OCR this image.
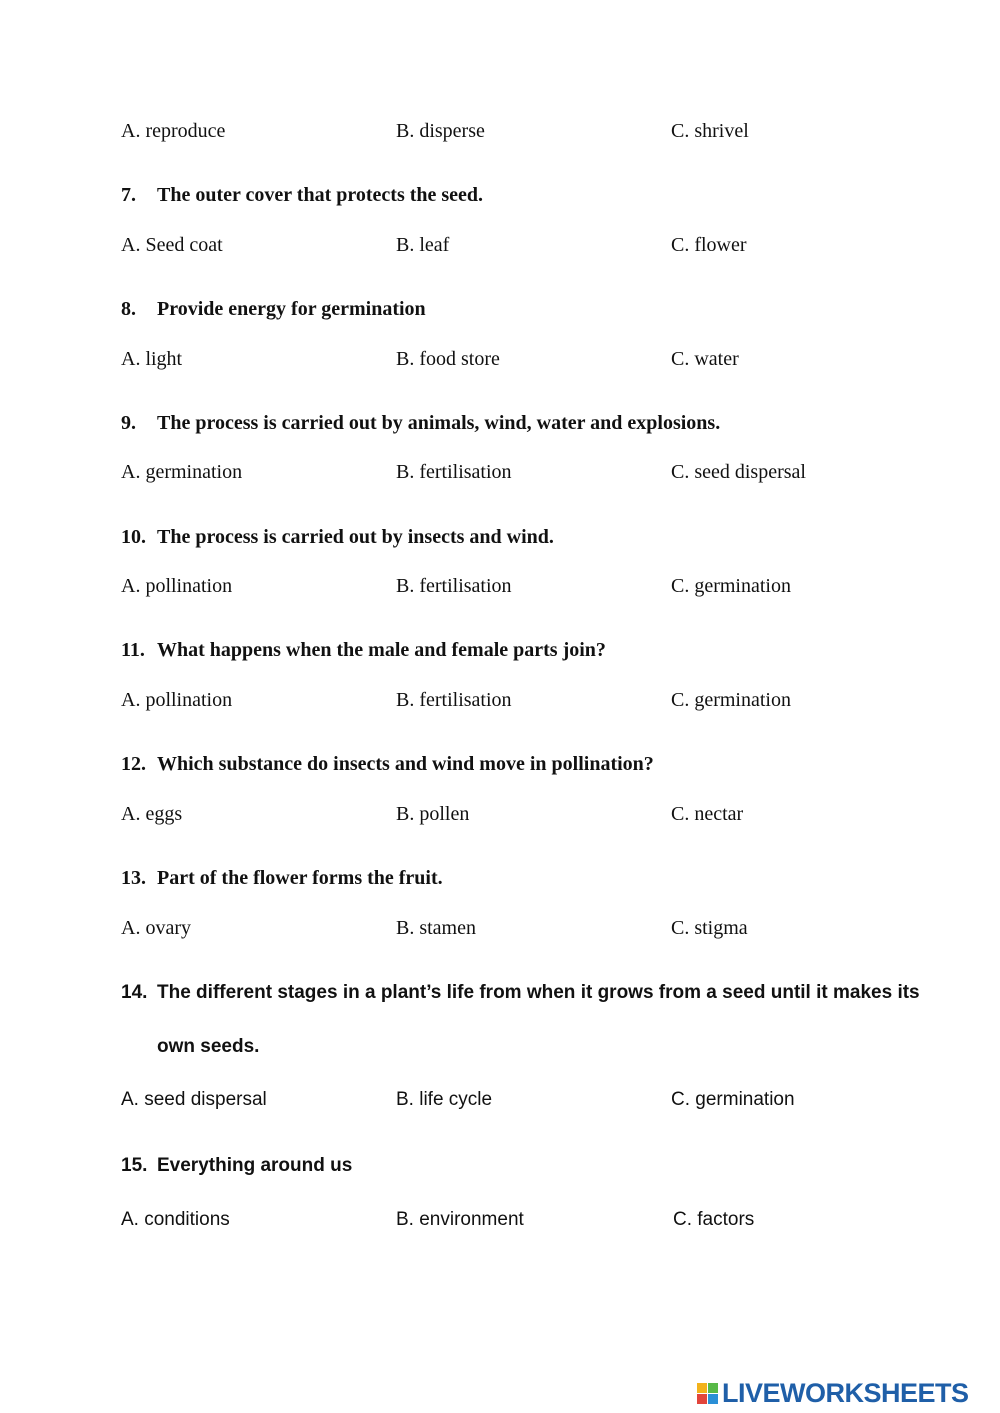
A. reproduce	B. disperse	C. shrivel
7. The outer cover that protects the seed.
A. Seed coat	B. leaf	C. flower
8. Provide energy for germination
A. light	B. food store	C. water
9. The process is carried out by animals, wind, water and explosions.
A. germination	B. fertilisation	C. seed dispersal
10. The process is carried out by insects and wind.
A. pollination	B. fertilisation	C. germination
11. What happens when the male and female parts join?
A. pollination	B. fertilisation	C. germination
12. Which substance do insects and wind move in pollination?
A. eggs	B. pollen	C. nectar
13. Part of the flower forms the fruit.
A. ovary	B. stamen	C. stigma
14. The different stages in a plant’s life from when it grows from a seed until it makes its
own seeds.
A. seed dispersal	B. life cycle	C. germination
15. Everything around us
A. conditions	B. environment	C. factors
LIVEWORKSHEETS
